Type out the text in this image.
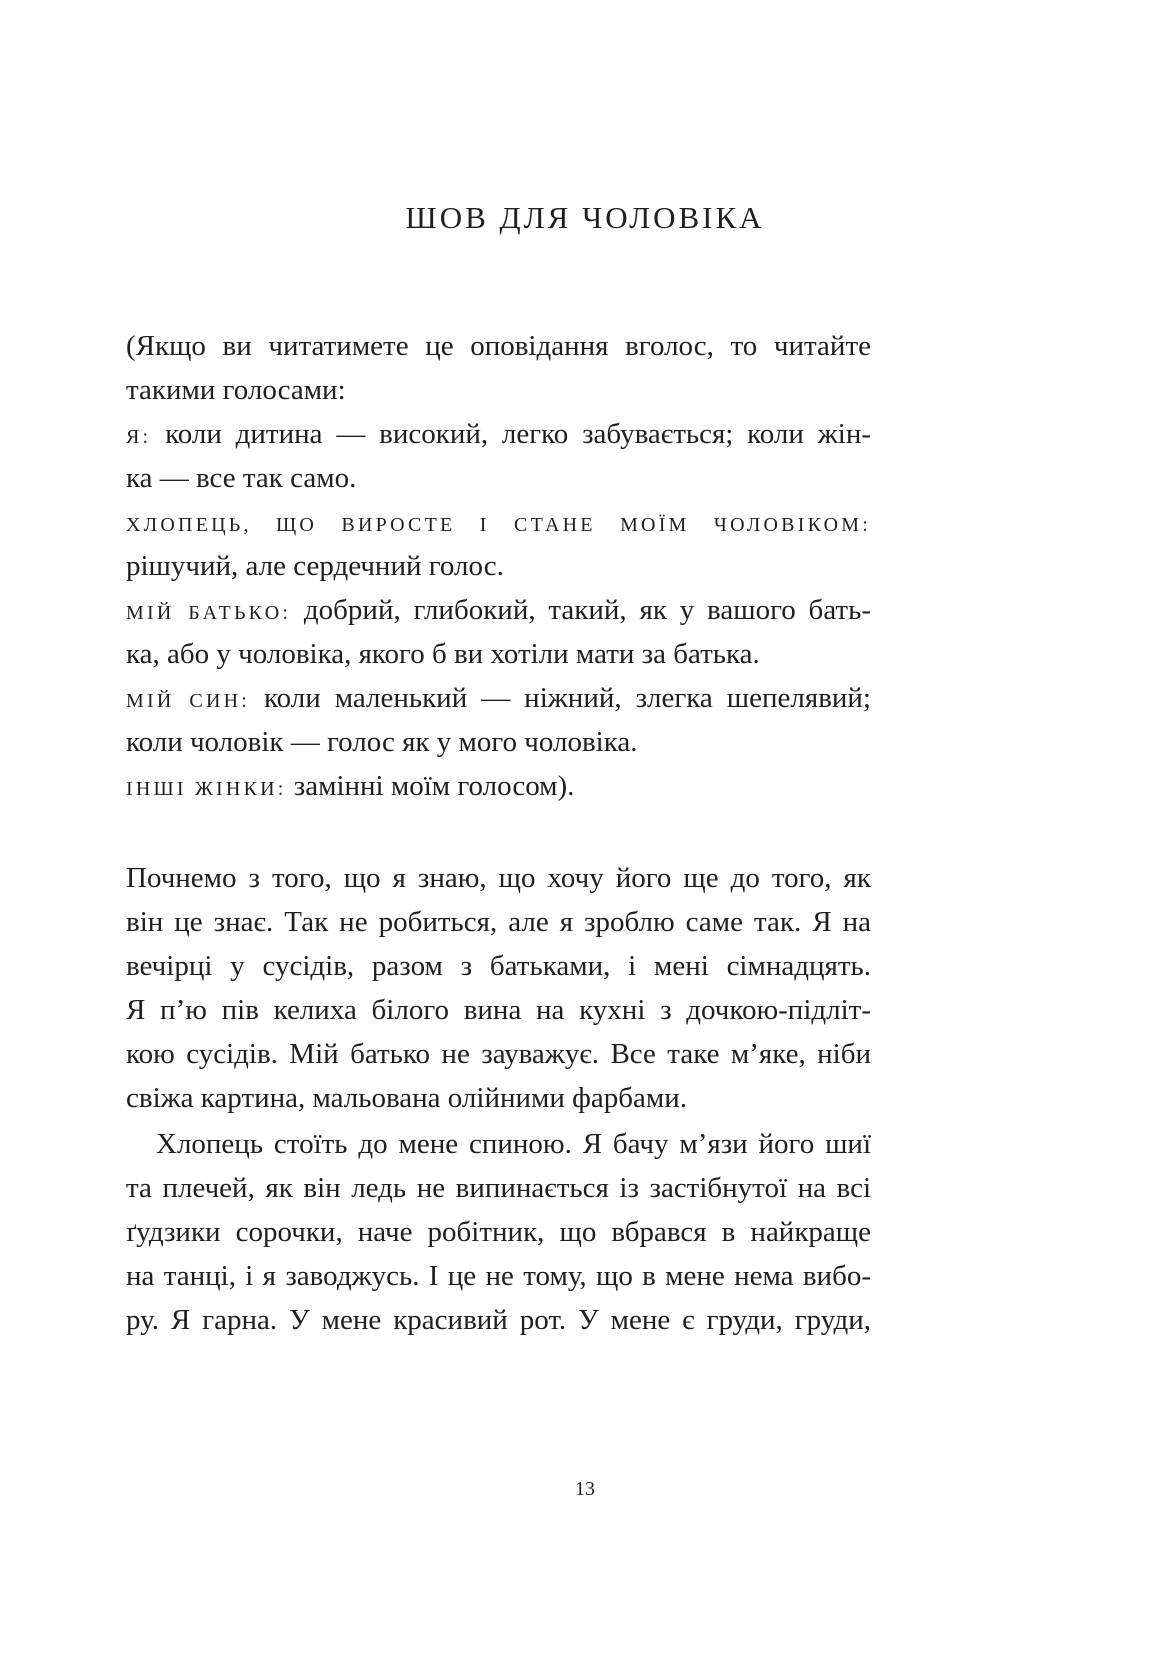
ШОВ ДЛЯ ЧОЛОВІКА

(Якщо ви читатимете це оповідання вголос, то читайте

такими голосами:

Я: коли дитина — високий, легко забувається; коли жін-

ка — все так само.

ХЛОПЕЦЬ, ЩО ВИРОСТЕ І СТАНЕ МОЇМ ЧОЛОВІКОМ:

рішучий, але сердечний голос.

МІЙ БАТЬКО: добрий, глибокий, такий, як у вашого бать-

ка, або у чоловіка, якого б ви хотіли мати за батька.

МІЙ СИН: коли маленький — ніжний, злегка шепелявий;

коли чоловік — голос як у мого чоловіка.

ІНШІ ЖІНКИ: замінні моїм голосом).

Почнемо з того, що я знаю, що хочу його ще до того, як

він це знає. Так не робиться, але я зроблю саме так. Я на

вечірці у сусідів, разом з батьками, і мені сімнадцять.

Я п’ю пів келиха білого вина на кухні з дочкою-підліт-

кою сусідів. Мій батько не зауважує. Все таке м’яке, ніби

свіжа картина, мальована олійними фарбами.

Хлопець стоїть до мене спиною. Я бачу м’язи його шиї

та плечей, як він ледь не випинається із застібнутої на всі

ґудзики сорочки, наче робітник, що вбрався в найкраще

на танці, і я заводжусь. І це не тому, що в мене нема вибо-

ру. Я гарна. У мене красивий рот. У мене є груди, груди,

13
